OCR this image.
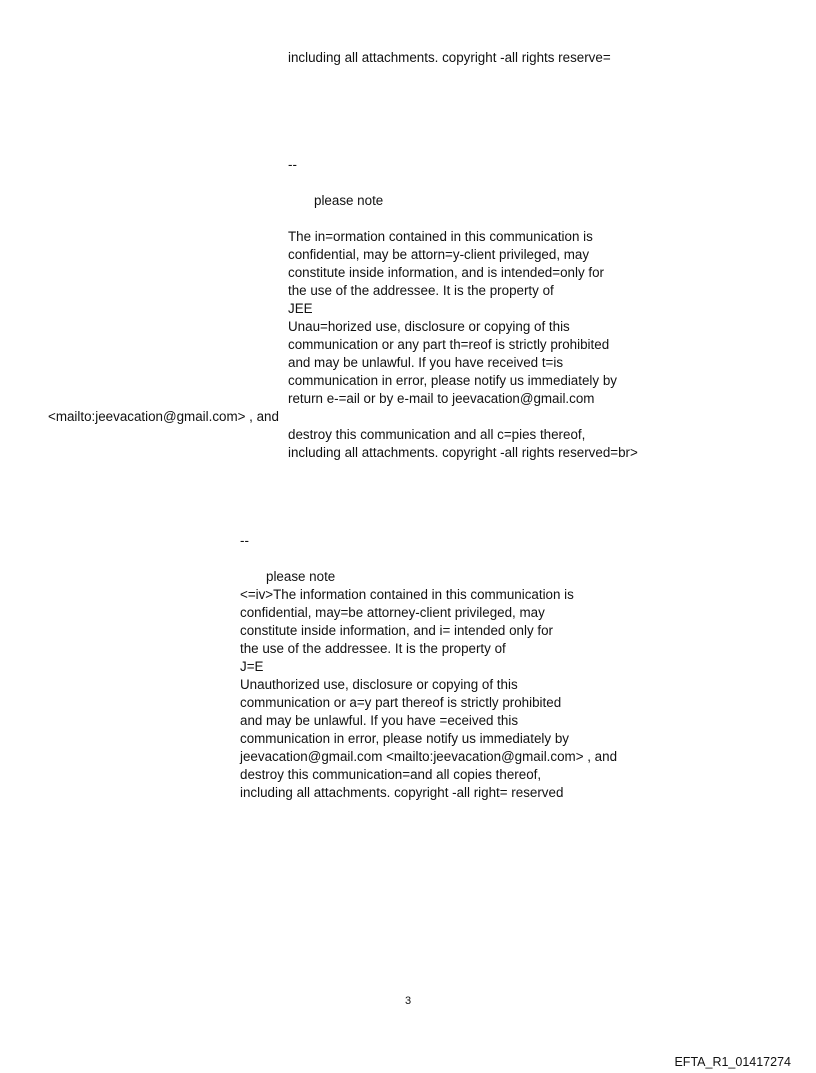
including all attachments. copyright -all rights reserve=
--
please note
The in=ormation contained in this communication is
confidential, may be attorn=y-client privileged, may
constitute inside information, and is intended=only for
the use of the addressee. It is the property of
JEE
Unau=horized use, disclosure or copying of this
communication or any part th=reof is strictly prohibited
and may be unlawful. If you have received t=is
communication in error, please notify us immediately by
return e-=ail or by e-mail to jeevacation@gmail.com
<mailto:jeevacation@gmail.com> , and
destroy this communication and all c=pies thereof,
including all attachments. copyright -all rights reserved=br>
--
please note
<=iv>The information contained in this communication is
confidential, may=be attorney-client privileged, may
constitute inside information, and i= intended only for
the use of the addressee. It is the property of
J=E
Unauthorized use, disclosure or copying of this
communication or a=y part thereof is strictly prohibited
and may be unlawful. If you have =eceived this
communication in error, please notify us immediately by
jeevacation@gmail.com <mailto:jeevacation@gmail.com> , and
destroy this communication=and all copies thereof,
including all attachments. copyright -all right= reserved
3
EFTA_R1_01417274
